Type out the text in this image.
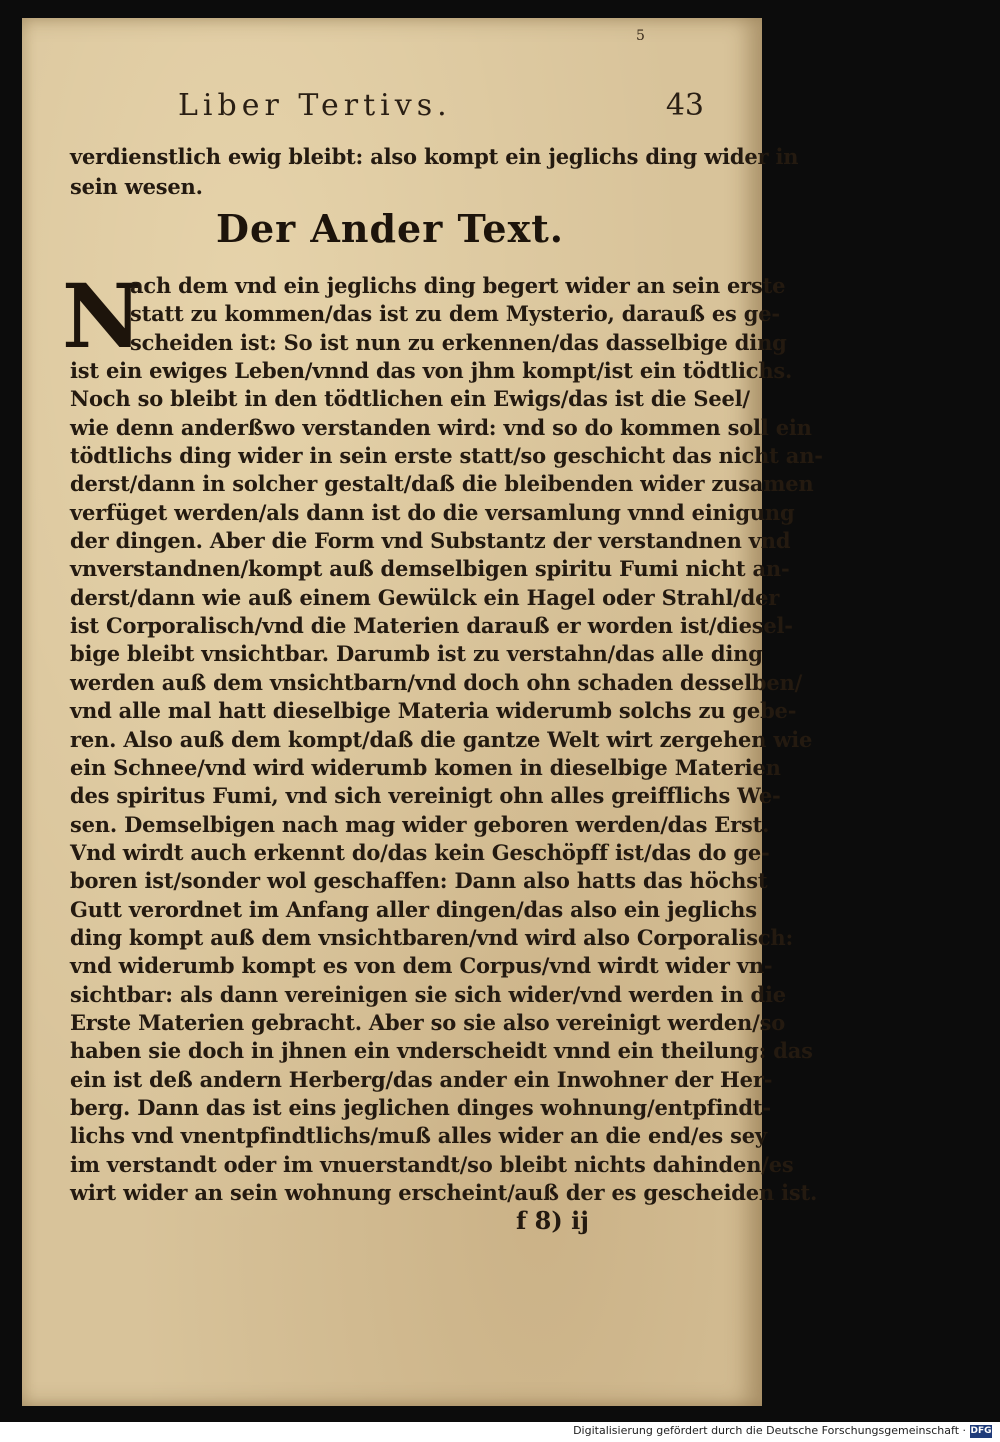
5
Liber Tertivs.	43
verdienstlich ewig bleibt: also kompt ein jeglichs ding wider in
sein wesen.
Der Ander Text.
N
ach dem vnd ein jeglichs ding begert wider an sein erste
statt zu kommen/das ist zu dem Mysterio, darauß es ge-
scheiden ist: So ist nun zu erkennen/das dasselbige ding
ist ein ewiges Leben/vnnd das von jhm kompt/ist ein tödtlichs.
Noch so bleibt in den tödtlichen ein Ewigs/das ist die Seel/
wie denn anderßwo verstanden wird: vnd so do kommen soll ein
tödtlichs ding wider in sein erste statt/so geschicht das nicht an-
derst/dann in solcher gestalt/daß die bleibenden wider zusamen
verfüget werden/als dann ist do die versamlung vnnd einigung
der dingen. Aber die Form vnd Substantz der verstandnen vnd
vnverstandnen/kompt auß demselbigen spiritu Fumi nicht an-
derst/dann wie auß einem Gewülck ein Hagel oder Strahl/der
ist Corporalisch/vnd die Materien darauß er worden ist/diesel-
bige bleibt vnsichtbar. Darumb ist zu verstahn/das alle ding
werden auß dem vnsichtbarn/vnd doch ohn schaden desselben/
vnd alle mal hatt dieselbige Materia widerumb solchs zu gebe-
ren. Also auß dem kompt/daß die gantze Welt wirt zergehen wie
ein Schnee/vnd wird widerumb komen in dieselbige Materien
des spiritus Fumi, vnd sich vereinigt ohn alles greifflichs We-
sen. Demselbigen nach mag wider geboren werden/das Erst.
Vnd wirdt auch erkennt do/das kein Geschöpff ist/das do ge-
boren ist/sonder wol geschaffen: Dann also hatts das höchst
Gutt verordnet im Anfang aller dingen/das also ein jeglichs
ding kompt auß dem vnsichtbaren/vnd wird also Corporalisch:
vnd widerumb kompt es von dem Corpus/vnd wirdt wider vn-
sichtbar: als dann vereinigen sie sich wider/vnd werden in die
Erste Materien gebracht. Aber so sie also vereinigt werden/so
haben sie doch in jhnen ein vnderscheidt vnnd ein theilung: das
ein ist deß andern Herberg/das ander ein Inwohner der Her-
berg. Dann das ist eins jeglichen dinges wohnung/entpfindt-
lichs vnd vnentpfindtlichs/muß alles wider an die end/es sey
im verstandt oder im vnuerstandt/so bleibt nichts dahinden/es
wirt wider an sein wohnung erscheint/auß der es gescheiden ist.
f 8) ij
Digitalisierung gefördert durch die Deutsche Forschungsgemeinschaft · DFG
